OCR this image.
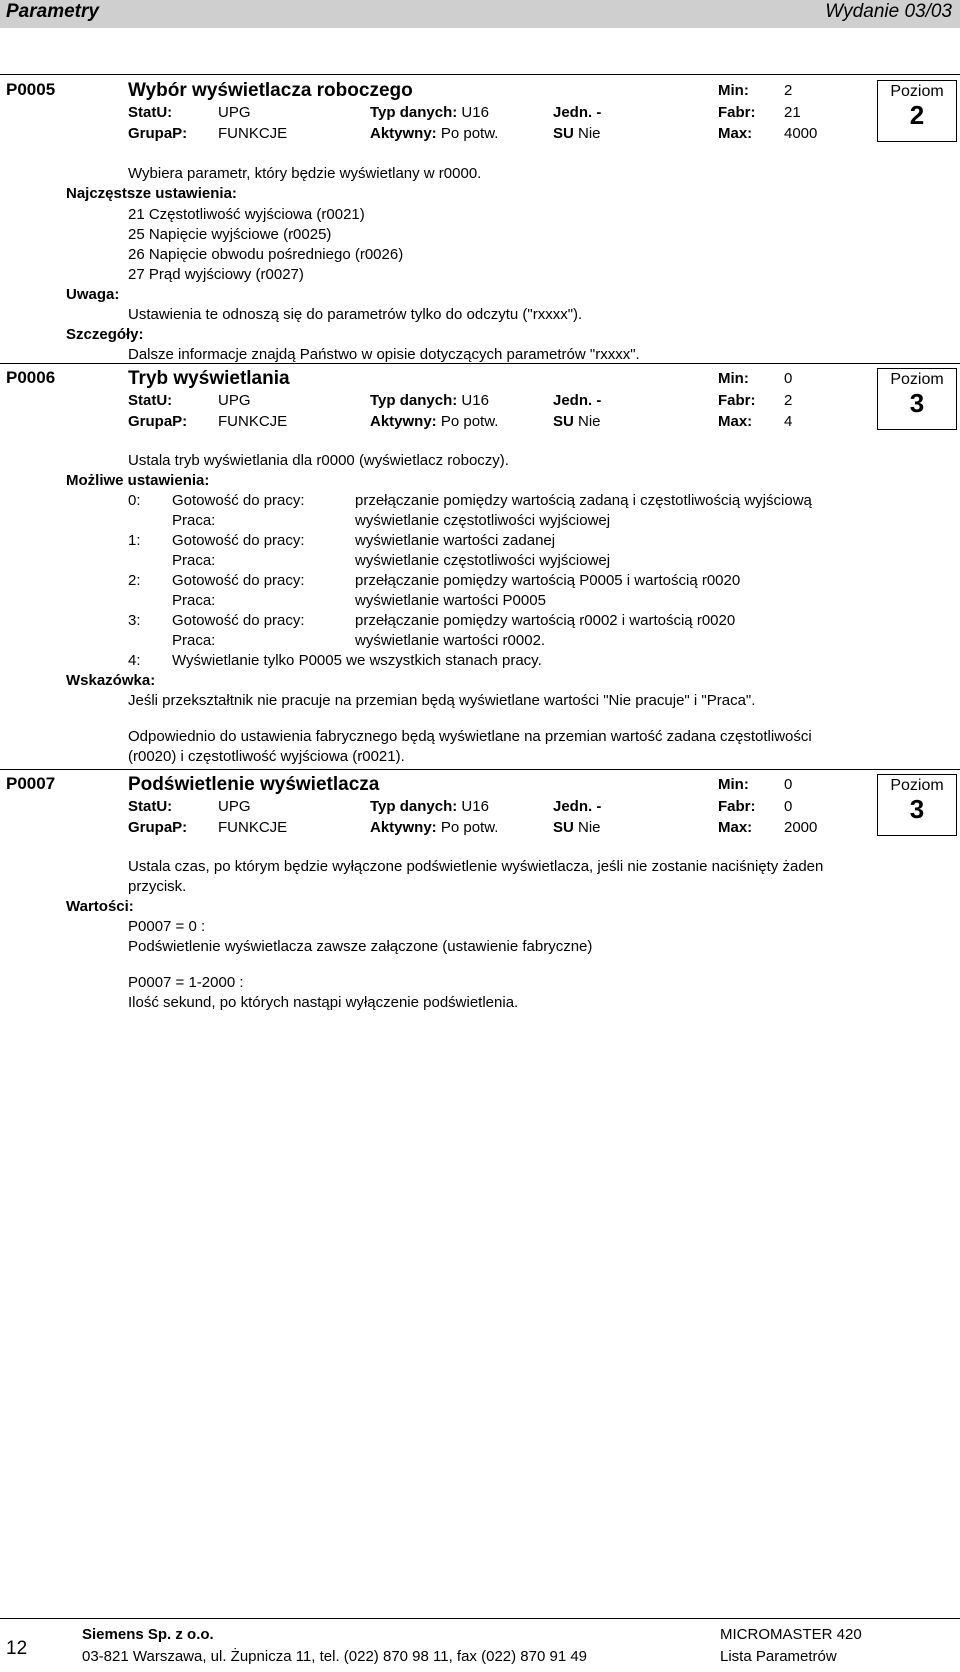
Parametry	Wydanie 03/03
P0005	Wybór wyświetlacza roboczego	Min: 2
StatU:	UPG	Typ danych: U16	Jedn. -	Fabr: 21
GrupaP: FUNKCJE	Aktywny: Po potw.	SU Nie	Max: 4000
Poziom
2
Wybiera parametr, który będzie wyświetlany w r0000.
Najczęstsze ustawienia:
21 Częstotliwość wyjściowa (r0021)
25 Napięcie wyjściowe (r0025)
26 Napięcie obwodu pośredniego (r0026)
27 Prąd wyjściowy (r0027)
Uwaga:
Ustawienia te odnoszą się do parametrów tylko do odczytu ("rxxxx").
Szczegóły:
Dalsze informacje znajdą Państwo w opisie dotyczących parametrów "rxxxx".
P0006	Tryb wyświetlania	Min: 0
StatU:	UPG	Typ danych: U16	Jedn. -	Fabr: 2
GrupaP: FUNKCJE	Aktywny: Po potw.	SU Nie	Max: 4
Poziom
3
Ustala tryb wyświetlania dla r0000 (wyświetlacz roboczy).
Możliwe ustawienia:
0: Gotowość do pracy:	przełączanie pomiędzy wartością zadaną i częstotliwością wyjściową
Praca:	wyświetlanie częstotliwości wyjściowej
1: Gotowość do pracy:	wyświetlanie wartości zadanej
Praca:	wyświetlanie częstotliwości wyjściowej
2: Gotowość do pracy:	przełączanie pomiędzy wartością P0005 i wartością r0020
Praca:	wyświetlanie wartości P0005
3: Gotowość do pracy:	przełączanie pomiędzy wartością r0002 i wartością r0020
Praca:	wyświetlanie wartości r0002.
4: Wyświetlanie tylko P0005 we wszystkich stanach pracy.
Wskazówka:
Jeśli przekształtnik nie pracuje na przemian będą wyświetlane wartości "Nie pracuje" i "Praca".
Odpowiednio do ustawienia fabrycznego będą wyświetlane na przemian wartość zadana częstotliwości
(r0020) i częstotliwość wyjściowa (r0021).
P0007	Podświetlenie wyświetlacza	Min: 0
StatU:	UPG	Typ danych: U16	Jedn. -	Fabr: 0
GrupaP: FUNKCJE	Aktywny: Po potw.	SU Nie	Max: 2000
Poziom
3
Ustala czas, po którym będzie wyłączone podświetlenie wyświetlacza, jeśli nie zostanie naciśnięty żaden
przycisk.
Wartości:
P0007 = 0 :
Podświetlenie wyświetlacza zawsze załączone (ustawienie fabryczne)
P0007 = 1-2000 :
Ilość sekund, po których nastąpi wyłączenie podświetlenia.
12
Siemens Sp. z o.o.
03-821 Warszawa, ul. Żupnicza 11, tel. (022) 870 98 11, fax (022) 870 91 49
MICROMASTER 420
Lista Parametrów
